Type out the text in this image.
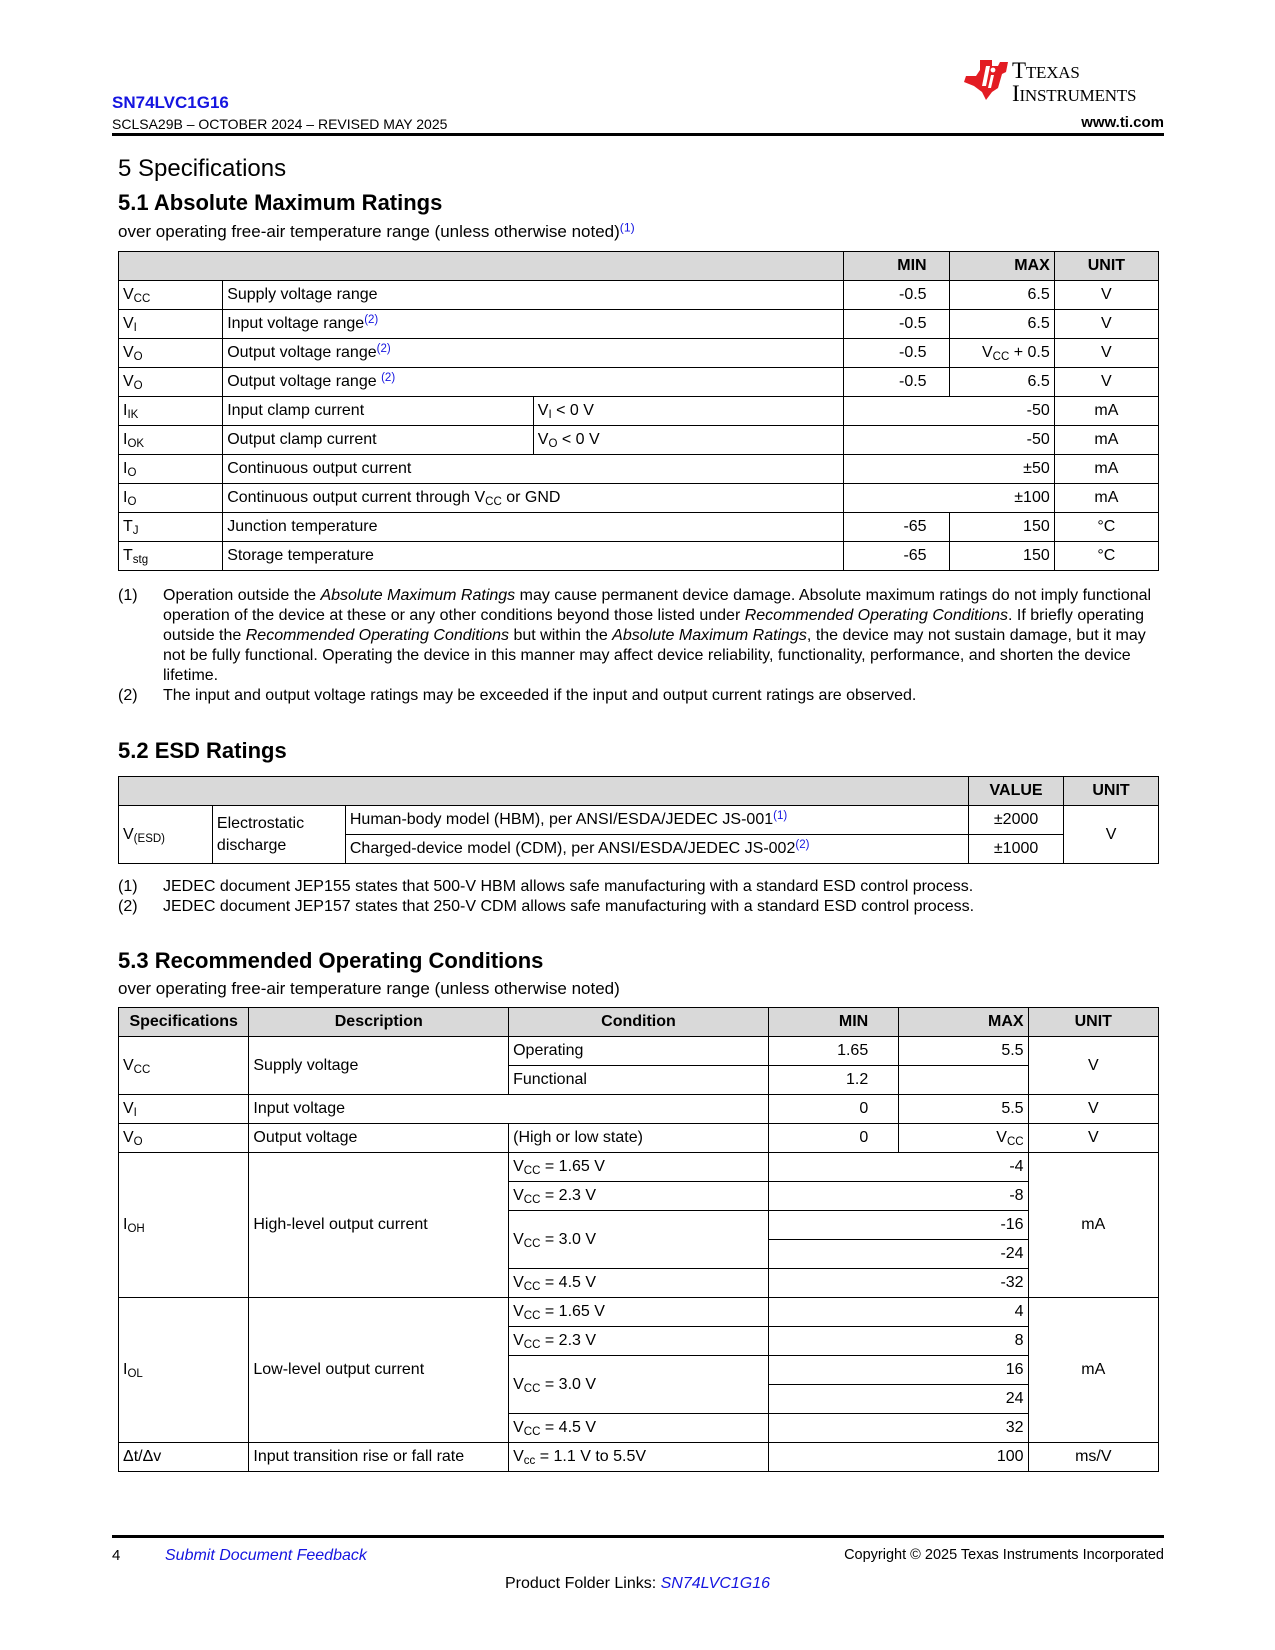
SN74LVC1G16
SCLSA29B – OCTOBER 2024 – REVISED MAY 2025
TTEXAS
IINSTRUMENTS
www.ti.com
5 Specifications
5.1 Absolute Maximum Ratings
over operating free-air temperature range (unless otherwise noted)$^{(1)}$
			MIN	MAX	UNIT
$V_{CC}$	Supply voltage range		-0.5	6.5	V
$V_I$	Input voltage range$^{(2)}$		-0.5	6.5	V
$V_O$	Output voltage range$^{(2)}$		-0.5	$V_{CC} + 0.5$	V
$V_O$	Output voltage range $^{(2)}$		-0.5	6.5	V
$I_{IK}$	Input clamp current	$V_I < 0$ V		-50	mA
$I_{OK}$	Output clamp current	$V_O < 0$ V		-50	mA
$I_O$	Continuous output current			±50	mA
$I_O$	Continuous output current through $V_{CC}$ or GND			±100	mA
$T_J$	Junction temperature		-65	150	°C
$T_{stg}$	Storage temperature		-65	150	°C
(1) Operation outside the Absolute Maximum Ratings may cause permanent device damage. Absolute maximum ratings do not imply functional operation of the device at these or any other conditions beyond those listed under Recommended Operating Conditions. If briefly operating outside the Recommended Operating Conditions but within the Absolute Maximum Ratings, the device may not sustain damage, but it may not be fully functional. Operating the device in this manner may affect device reliability, functionality, performance, and shorten the device lifetime.
(2) The input and output voltage ratings may be exceeded if the input and output current ratings are observed.
5.2 ESD Ratings
			VALUE	UNIT
$V_{(ESD)}$	Electrostatic
discharge	Human-body model (HBM), per ANSI/ESDA/JEDEC JS-001$^{(1)}$	±2000	V
		Charged-device model (CDM), per ANSI/ESDA/JEDEC JS-002$^{(2)}$	±1000	
(1) JEDEC document JEP155 states that 500-V HBM allows safe manufacturing with a standard ESD control process.
(2) JEDEC document JEP157 states that 250-V CDM allows safe manufacturing with a standard ESD control process.
5.3 Recommended Operating Conditions
over operating free-air temperature range (unless otherwise noted)
Specifications	Description	Condition	MIN	MAX	UNIT
$V_{CC}$	Supply voltage	Operating	1.65	5.5	V
		Functional	1.2		
$V_I$	Input voltage		0	5.5	V
$V_O$	Output voltage	(High or low state)	0	$V_{CC}$	V
$I_{OH}$	High-level output current	$V_{CC} = 1.65$ V	-4		mA
		$V_{CC} = 2.3$ V	-8		
		$V_{CC} = 3.0$ V	-16		
			-24		
		$V_{CC} = 4.5$ V	-32		
$I_{OL}$	Low-level output current	$V_{CC} = 1.65$ V	4		mA
		$V_{CC} = 2.3$ V	8		
		$V_{CC} = 3.0$ V	16		
			24		
		$V_{CC} = 4.5$ V	32		
Δt/Δv	Input transition rise or fall rate	$V_{cc} = 1.1$ V to 5.5V	100		ms/V
4	Submit Document Feedback	Copyright © 2025 Texas Instruments Incorporated
Product Folder Links: SN74LVC1G16
